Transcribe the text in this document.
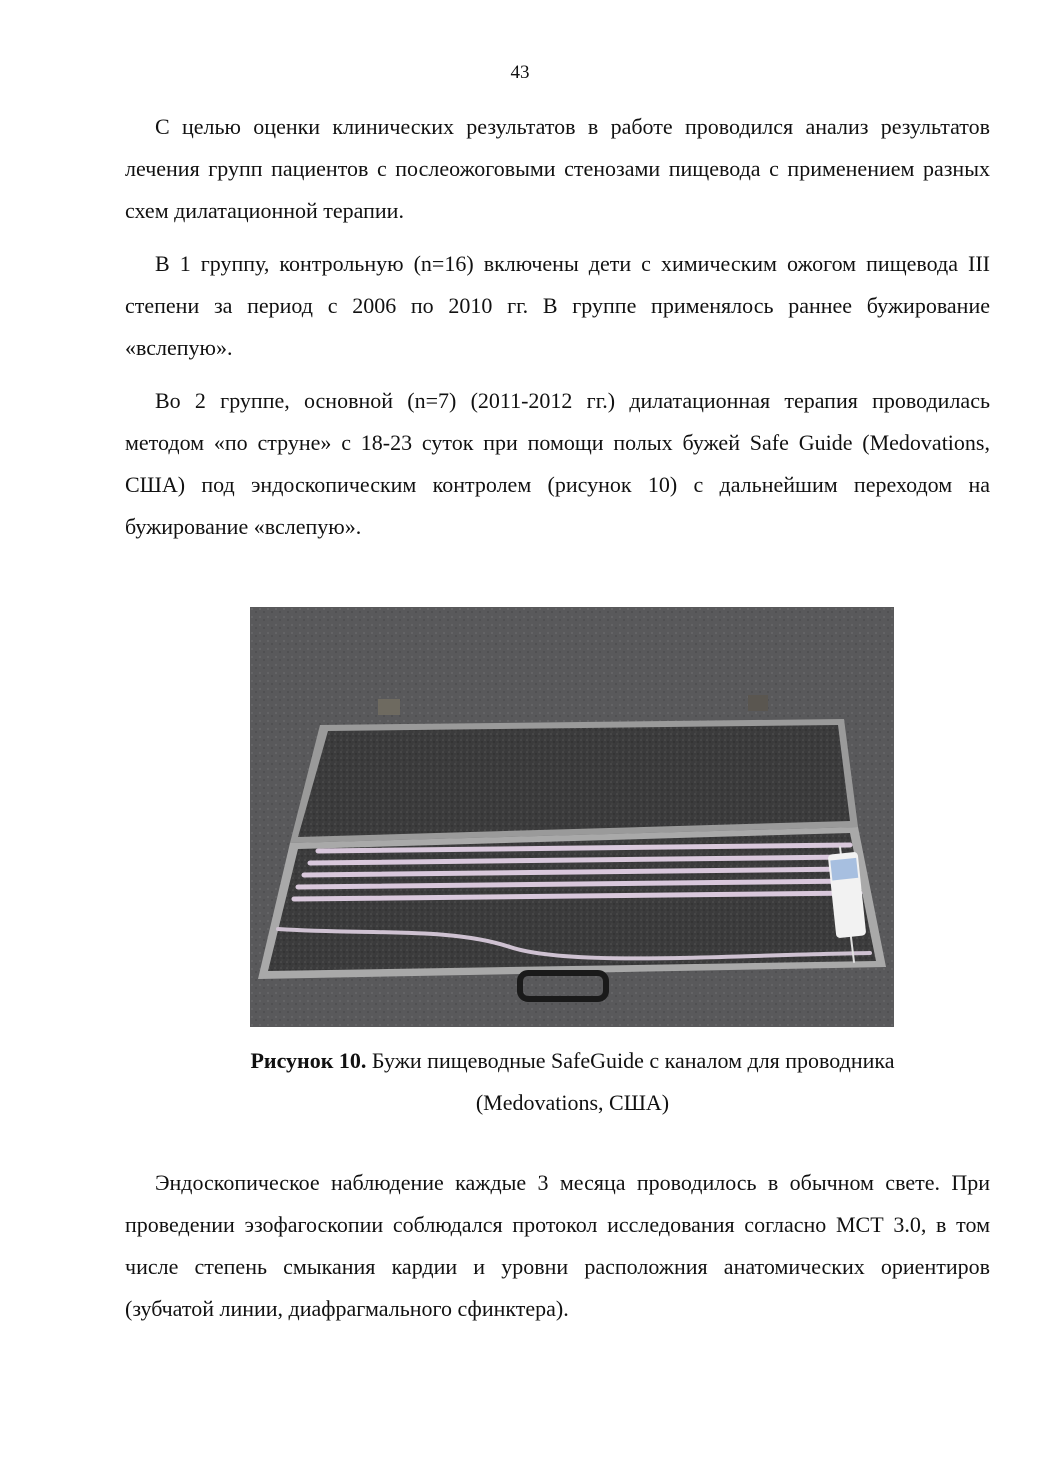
43

С целью оценки клинических результатов в работе проводился анализ результатов лечения групп пациентов с послеожоговыми стенозами пищевода с применением разных схем дилатационной терапии.

В 1 группу, контрольную (n=16) включены дети с химическим ожогом пищевода III степени за период с 2006 по 2010 гг. В группе применялось раннее бужирование «вслепую».

Во 2 группе, основной (n=7) (2011-2012 гг.) дилатационная терапия проводилась методом «по струне» с 18-23 суток при помощи полых бужей Safe Guide (Medovations, США) под эндоскопическим контролем (рисунок 10) с дальнейшим переходом на бужирование «вслепую».

Рисунок 10. Бужи пищеводные SafeGuide с каналом для проводника
(Medovations, США)

Эндоскопическое наблюдение каждые 3 месяца проводилось в обычном свете. При проведении эзофагоскопии соблюдался протокол исследования согласно МСТ 3.0, в том числе степень смыкания кардии и уровни расположния анатомических ориентиров (зубчатой линии, диафрагмального сфинктера).
